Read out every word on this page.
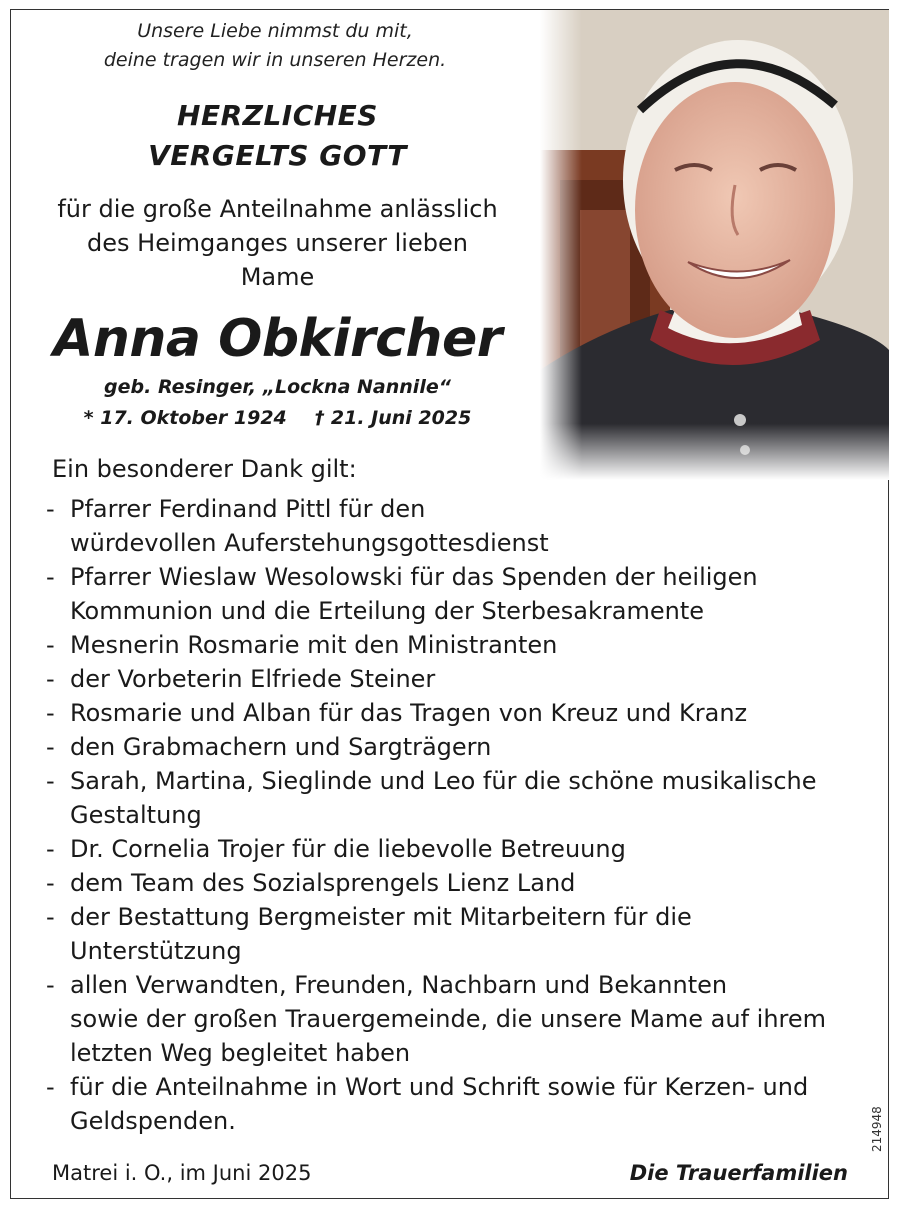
Unsere Liebe nimmst du mit,
deine tragen wir in unseren Herzen.
HERZLICHES
VERGELTS GOTT
für die große Anteilnahme anlässlich
des Heimganges unserer lieben
Mame
Anna Obkircher
geb. Resinger, „Lockna Nannile“
* 17. Oktober 1924 † 21. Juni 2025
Ein besonderer Dank gilt:
- Pfarrer Ferdinand Pittl für den
würdevollen Auferstehungsgottesdienst
- Pfarrer Wieslaw Wesolowski für das Spenden der heiligen
Kommunion und die Erteilung der Sterbesakramente
- Mesnerin Rosmarie mit den Ministranten
- der Vorbeterin Elfriede Steiner
- Rosmarie und Alban für das Tragen von Kreuz und Kranz
- den Grabmachern und Sargträgern
- Sarah, Martina, Sieglinde und Leo für die schöne musikalische
Gestaltung
- Dr. Cornelia Trojer für die liebevolle Betreuung
- dem Team des Sozialsprengels Lienz Land
- der Bestattung Bergmeister mit Mitarbeitern für die
Unterstützung
- allen Verwandten, Freunden, Nachbarn und Bekannten
sowie der großen Trauergemeinde, die unsere Mame auf ihrem
letzten Weg begleitet haben
- für die Anteilnahme in Wort und Schrift sowie für Kerzen- und
Geldspenden.
Matrei i. O., im Juni 2025	Die Trauerfamilien
214948
